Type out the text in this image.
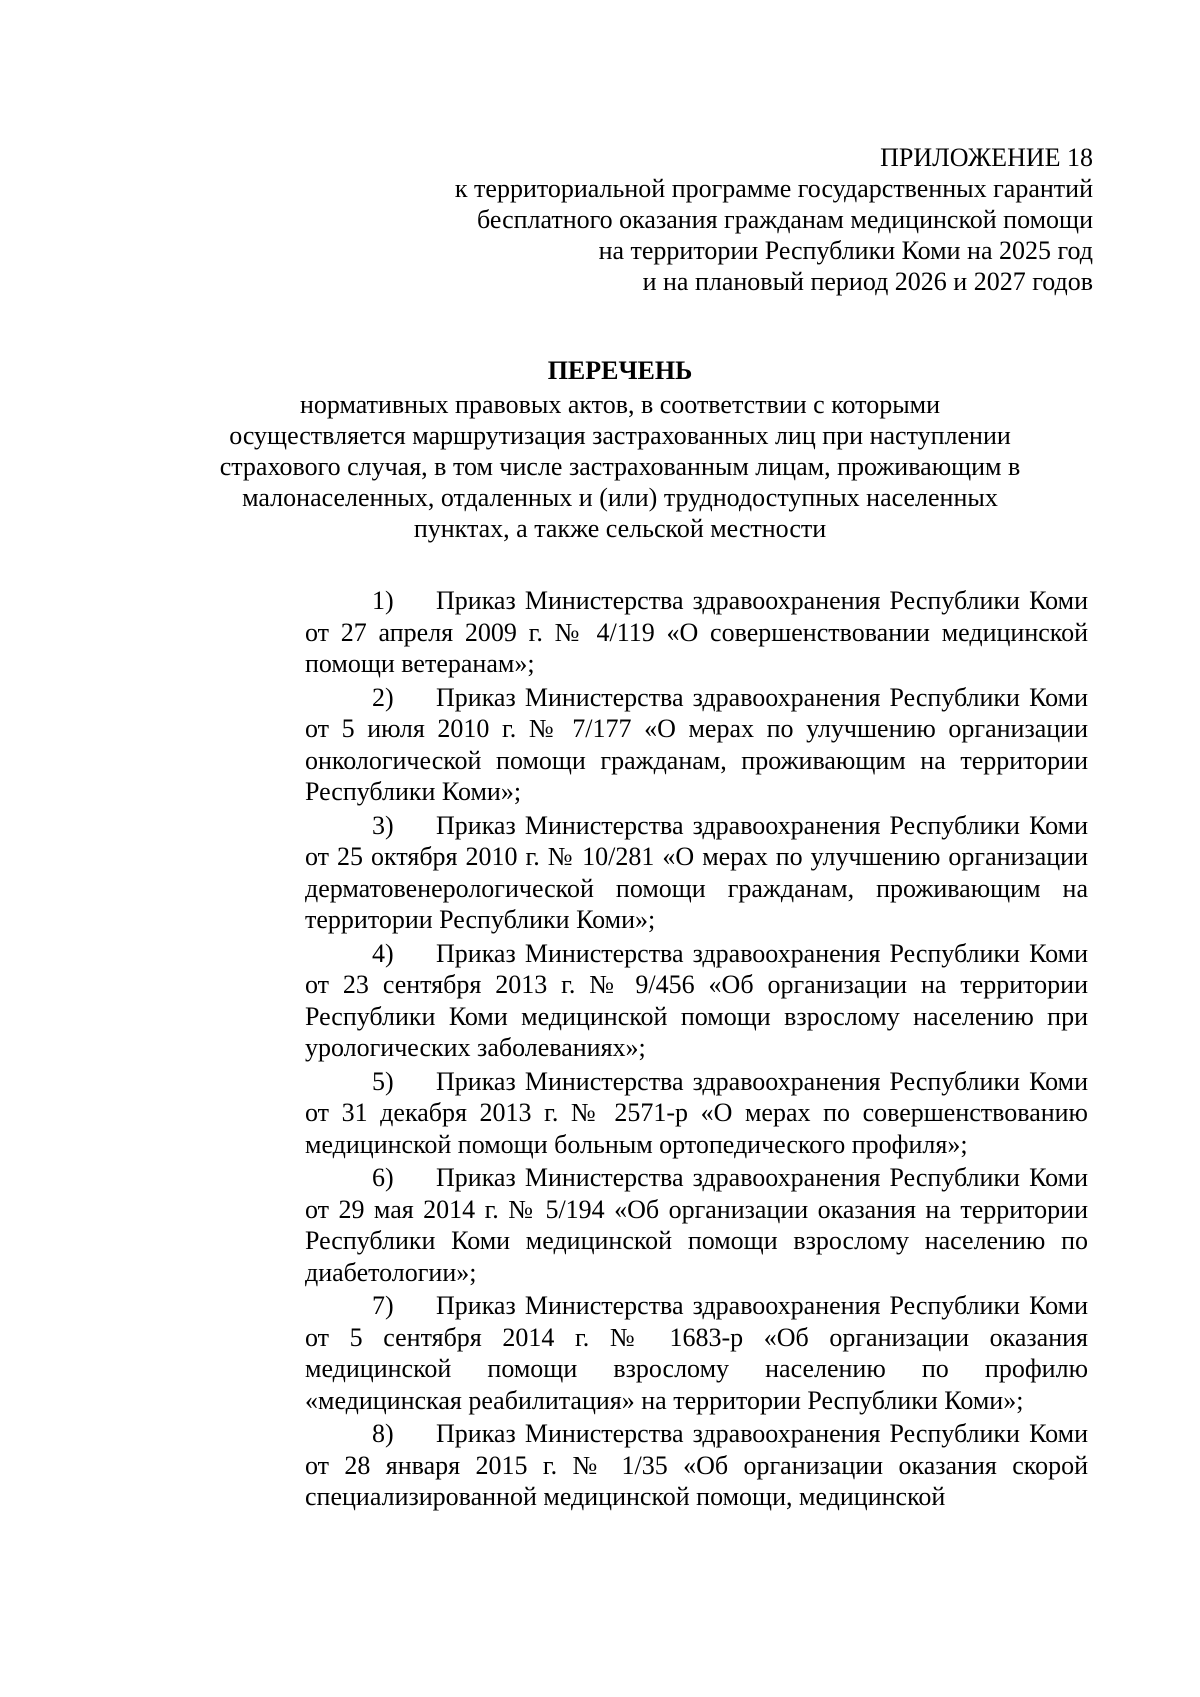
ПРИЛОЖЕНИЕ 18
к территориальной программе государственных гарантий
бесплатного оказания гражданам медицинской помощи
на территории Республики Коми на 2025 год
и на плановый период 2026 и 2027 годов
ПЕРЕЧЕНЬ
нормативных правовых актов, в соответствии с которыми
осуществляется маршрутизация застрахованных лиц при наступлении
страхового случая, в том числе застрахованным лицам, проживающим в
малонаселенных, отдаленных и (или) труднодоступных населенных
пунктах, а также сельской местности

1) Приказ Министерства здравоохранения Республики Коми от 27 апреля 2009 г. № 4/119 «О совершенствовании медицинской помощи ветеранам»;

2) Приказ Министерства здравоохранения Республики Коми от 5 июля 2010 г. № 7/177 «О мерах по улучшению организации онкологической помощи гражданам, проживающим на территории Республики Коми»;

3) Приказ Министерства здравоохранения Республики Коми от 25 октября 2010 г. № 10/281 «О мерах по улучшению организации дерматовенерологической помощи гражданам, проживающим на территории Республики Коми»;

4) Приказ Министерства здравоохранения Республики Коми от 23 сентября 2013 г. № 9/456 «Об организации на территории Республики Коми медицинской помощи взрослому населению при урологических заболеваниях»;

5) Приказ Министерства здравоохранения Республики Коми от 31 декабря 2013 г. № 2571-р «О мерах по совершенствованию медицинской помощи больным ортопедического профиля»;

6) Приказ Министерства здравоохранения Республики Коми от 29 мая 2014 г. № 5/194 «Об организации оказания на территории Республики Коми медицинской помощи взрослому населению по диабетологии»;

7) Приказ Министерства здравоохранения Республики Коми от 5 сентября 2014 г. № 1683-р «Об организации оказания медицинской помощи взрослому населению по профилю «медицинская реабилитация» на территории Республики Коми»;

8) Приказ Министерства здравоохранения Республики Коми от 28 января 2015 г. № 1/35 «Об организации оказания скорой специализированной медицинской помощи, медицинской
